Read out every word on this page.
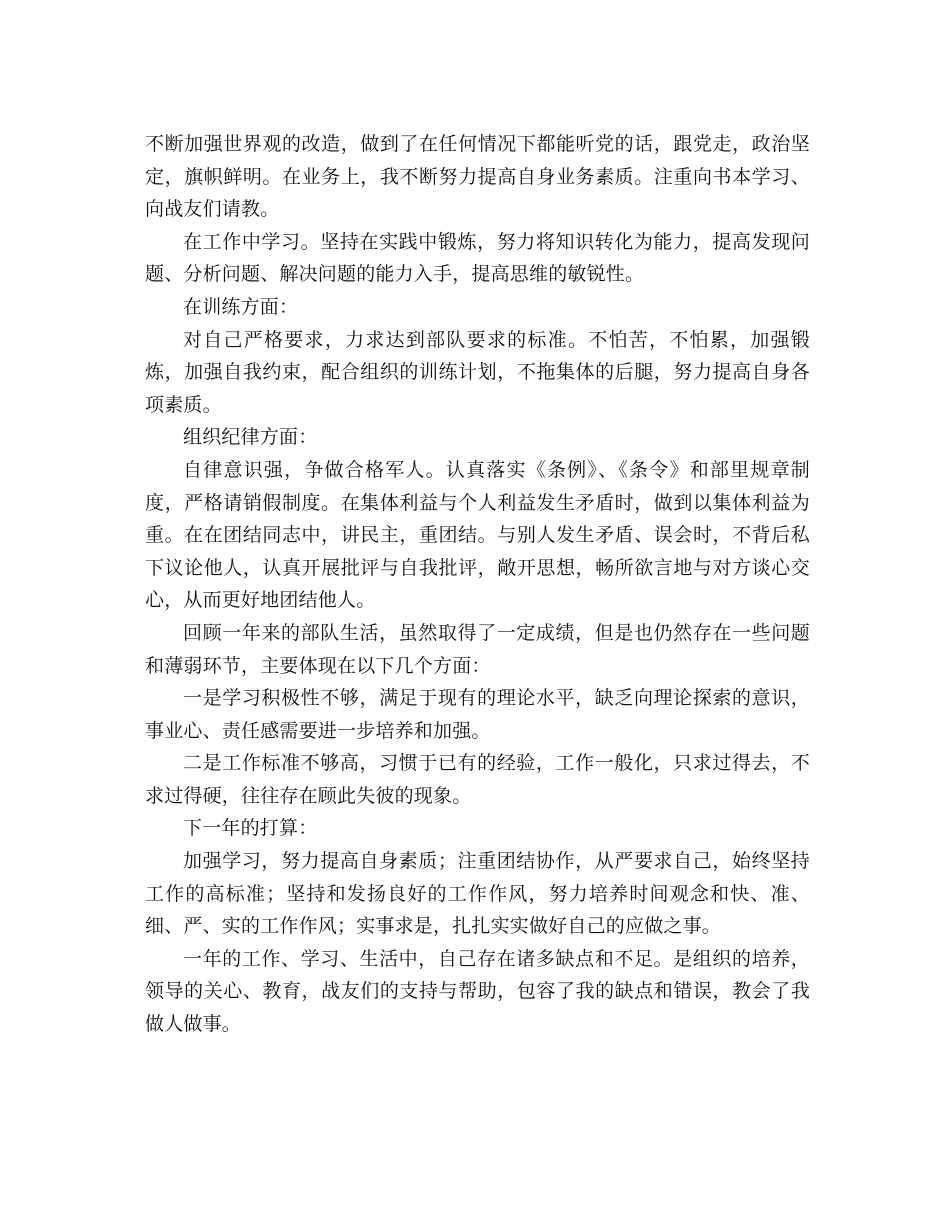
不断加强世界观的改造，做到了在任何情况下都能听党的话，跟党走，政治坚定，旗帜鲜明。在业务上，我不断努力提高自身业务素质。注重向书本学习、向战友们请教。

在工作中学习。坚持在实践中锻炼，努力将知识转化为能力，提高发现问题、分析问题、解决问题的能力入手，提高思维的敏锐性。

在训练方面：

对自己严格要求，力求达到部队要求的标准。不怕苦，不怕累，加强锻炼，加强自我约束，配合组织的训练计划，不拖集体的后腿，努力提高自身各项素质。

组织纪律方面：

自律意识强，争做合格军人。认真落实《条例》、《条令》和部里规章制度，严格请销假制度。在集体利益与个人利益发生矛盾时，做到以集体利益为重。在在团结同志中，讲民主，重团结。与别人发生矛盾、误会时，不背后私下议论他人，认真开展批评与自我批评，敞开思想，畅所欲言地与对方谈心交心，从而更好地团结他人。

回顾一年来的部队生活，虽然取得了一定成绩，但是也仍然存在一些问题和薄弱环节，主要体现在以下几个方面：

一是学习积极性不够，满足于现有的理论水平，缺乏向理论探索的意识，事业心、责任感需要进一步培养和加强。

二是工作标准不够高，习惯于已有的经验，工作一般化，只求过得去，不求过得硬，往往存在顾此失彼的现象。

下一年的打算：

加强学习，努力提高自身素质；注重团结协作，从严要求自己，始终坚持工作的高标准；坚持和发扬良好的工作作风，努力培养时间观念和快、准、细、严、实的工作作风；实事求是，扎扎实实做好自己的应做之事。

一年的工作、学习、生活中，自己存在诸多缺点和不足。是组织的培养，领导的关心、教育，战友们的支持与帮助，包容了我的缺点和错误，教会了我做人做事。
